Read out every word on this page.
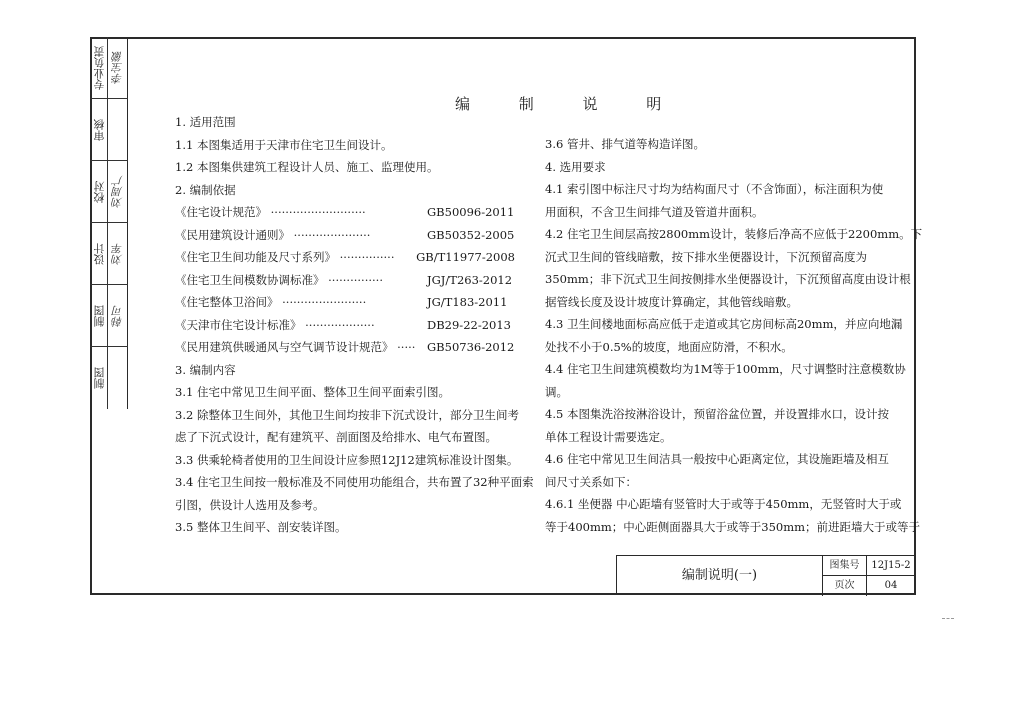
专业负责 李宝徽
审核
校对 刘周广
设计 刘军
制图 韩可
制图
编 制 说 明
1. 适用范围
1.1 本图集适用于天津市住宅卫生间设计。
1.2 本图集供建筑工程设计人员、施工、监理使用。
2. 编制依据
《住宅设计规范》 ··························	GB50096-2011
《民用建筑设计通则》 ·····················	GB50352-2005
《住宅卫生间功能及尺寸系列》 ···············	GB/T11977-2008
《住宅卫生间模数协调标准》 ···············	JGJ/T263-2012
《住宅整体卫浴间》 ·······················	JG/T183-2011
《天津市住宅设计标准》 ···················	DB29-22-2013
《民用建筑供暖通风与空气调节设计规范》 ·····	GB50736-2012
3. 编制内容
3.1 住宅中常见卫生间平面、整体卫生间平面索引图。
3.2 除整体卫生间外，其他卫生间均按非下沉式设计，部分卫生间考
虑了下沉式设计，配有建筑平、剖面图及给排水、电气布置图。
3.3 供乘轮椅者使用的卫生间设计应参照12J12建筑标准设计图集。
3.4 住宅卫生间按一般标准及不同使用功能组合，共布置了32种平面索
引图，供设计人选用及参考。
3.5 整体卫生间平、剖安装详图。
3.6 管井、排气道等构造详图。
4. 选用要求
4.1 索引图中标注尺寸均为结构面尺寸（不含饰面），标注面积为使
用面积，不含卫生间排气道及管道井面积。
4.2 住宅卫生间层高按2800mm设计，装修后净高不应低于2200mm。下
沉式卫生间的管线暗敷，按下排水坐便器设计，下沉预留高度为
350mm；非下沉式卫生间按侧排水坐便器设计，下沉预留高度由设计根
据管线长度及设计坡度计算确定，其他管线暗敷。
4.3 卫生间楼地面标高应低于走道或其它房间标高20mm，并应向地漏
处找不小于0.5%的坡度，地面应防滑，不积水。
4.4 住宅卫生间建筑模数均为1M等于100mm，尺寸调整时注意模数协
调。
4.5 本图集洗浴按淋浴设计，预留浴盆位置，并设置排水口，设计按
单体工程设计需要选定。
4.6 住宅中常见卫生间洁具一般按中心距离定位，其设施距墙及相互
间尺寸关系如下：
4.6.1 坐便器 中心距墙有竖管时大于或等于450mm，无竖管时大于或
等于400mm；中心距侧面器具大于或等于350mm；前进距墙大于或等于
编制说明(一)
图集号	12J15-2
页次	04
